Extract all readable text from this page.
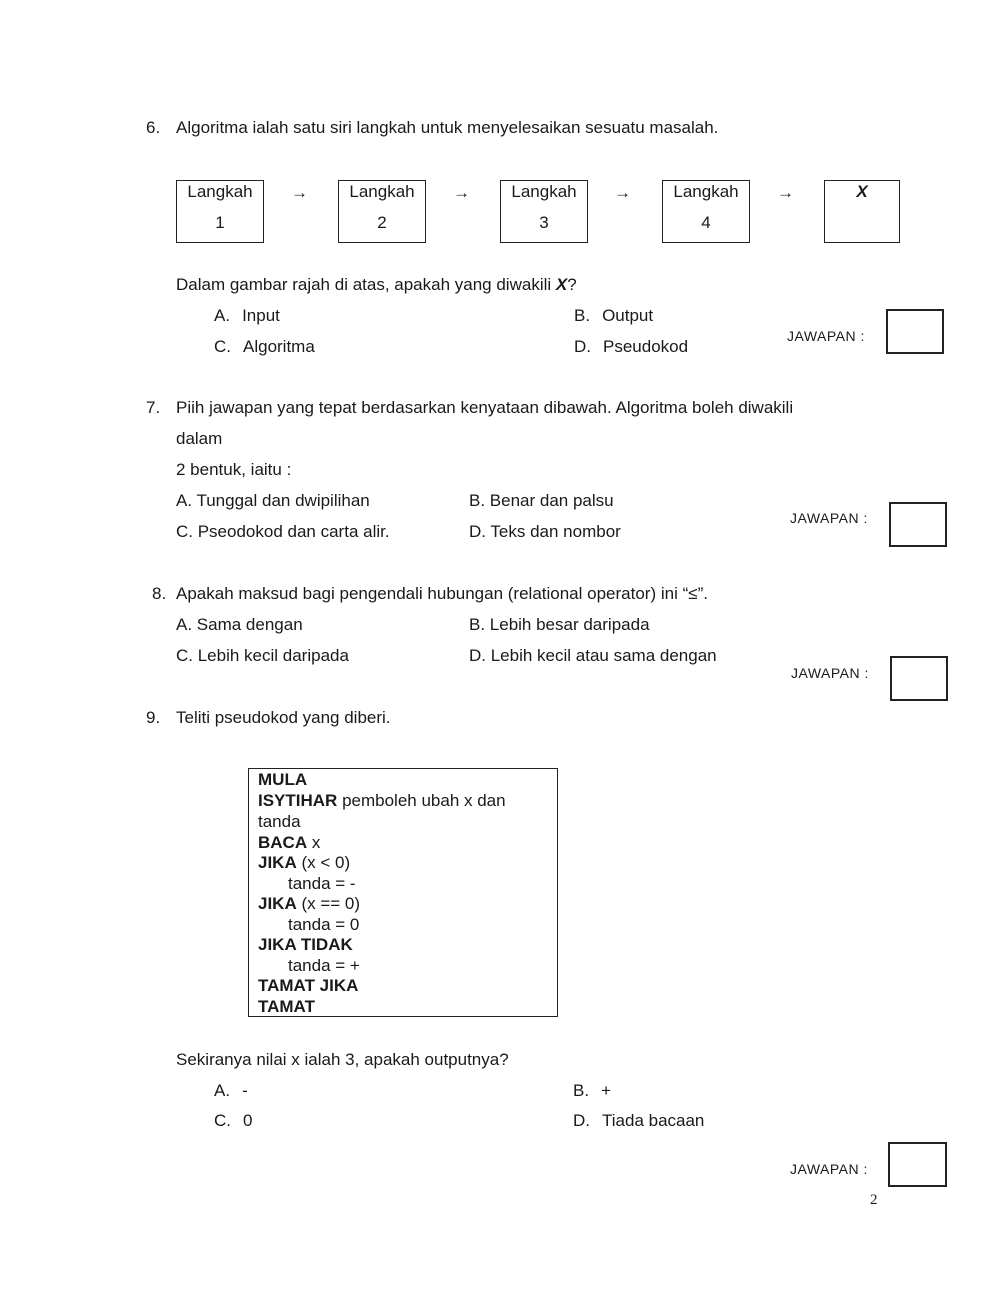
6. Algoritma ialah satu siri langkah untuk menyelesaikan sesuatu masalah.
Langkah
1
→	Langkah
2
→	Langkah
3
→	Langkah
4
→	X
Dalam gambar rajah di atas, apakah yang diwakili X?
A. Input	B. Output
C. Algoritma	D. Pseudokod
JAWAPAN :
7. Piih jawapan yang tepat berdasarkan kenyataan dibawah. Algoritma boleh diwakili
dalam
2 bentuk, iaitu :
A. Tunggal dan dwipilihan	B. Benar dan palsu
C. Pseodokod dan carta alir.	D. Teks dan nombor
JAWAPAN :
8. Apakah maksud bagi pengendali hubungan (relational operator) ini “≤”.
A. Sama dengan	B. Lebih besar daripada
C. Lebih kecil daripada	D. Lebih kecil atau sama dengan
JAWAPAN :
9. Teliti pseudokod yang diberi.
MULA
ISYTIHAR pemboleh ubah x dan
tanda
BACA x
JIKA (x < 0)
tanda = -
JIKA (x == 0)
tanda = 0
JIKA TIDAK
tanda = +
TAMAT JIKA
TAMAT
Sekiranya nilai x ialah 3, apakah outputnya?
A. -	B. +
C. 0	D. Tiada bacaan
JAWAPAN :
2
